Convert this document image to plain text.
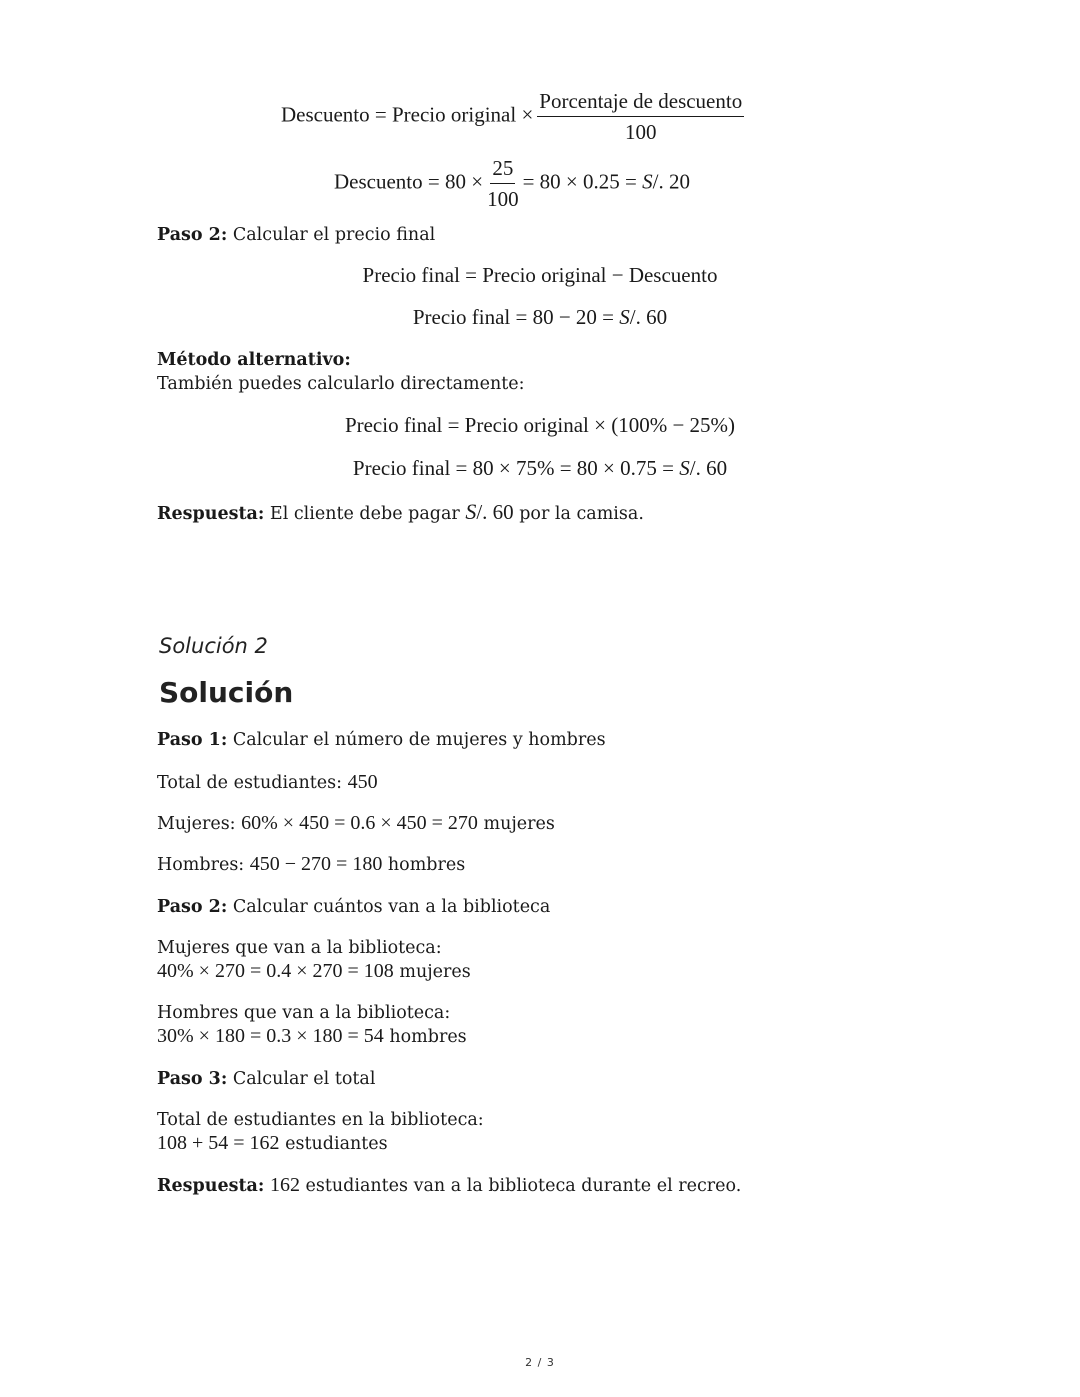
Descuento = Precio original × $\frac{\text{Porcentaje de descuento}}{100}$
Descuento = $80 \times \frac{25}{100} = 80 \times 0.25 = S/$. 20
Paso 2: Calcular el precio final
Precio final = Precio original − Descuento
Precio final = 80 − 20 = S/. 60
Método alternativo:
También puedes calcularlo directamente:
Precio final = Precio original × (100% − 25%)
Precio final = 80 × 75% = 80 × 0.75 = S/. 60
Respuesta: El cliente debe pagar S/. 60 por la camisa.
Solución 2
Solución
Paso 1: Calcular el número de mujeres y hombres
Total de estudiantes: 450
Mujeres: 60% × 450 = 0.6 × 450 = 270 mujeres
Hombres: 450 − 270 = 180 hombres
Paso 2: Calcular cuántos van a la biblioteca
Mujeres que van a la biblioteca:
40% × 270 = 0.4 × 270 = 108 mujeres
Hombres que van a la biblioteca:
30% × 180 = 0.3 × 180 = 54 hombres
Paso 3: Calcular el total
Total de estudiantes en la biblioteca:
108 + 54 = 162 estudiantes
Respuesta: 162 estudiantes van a la biblioteca durante el recreo.
2 / 3
